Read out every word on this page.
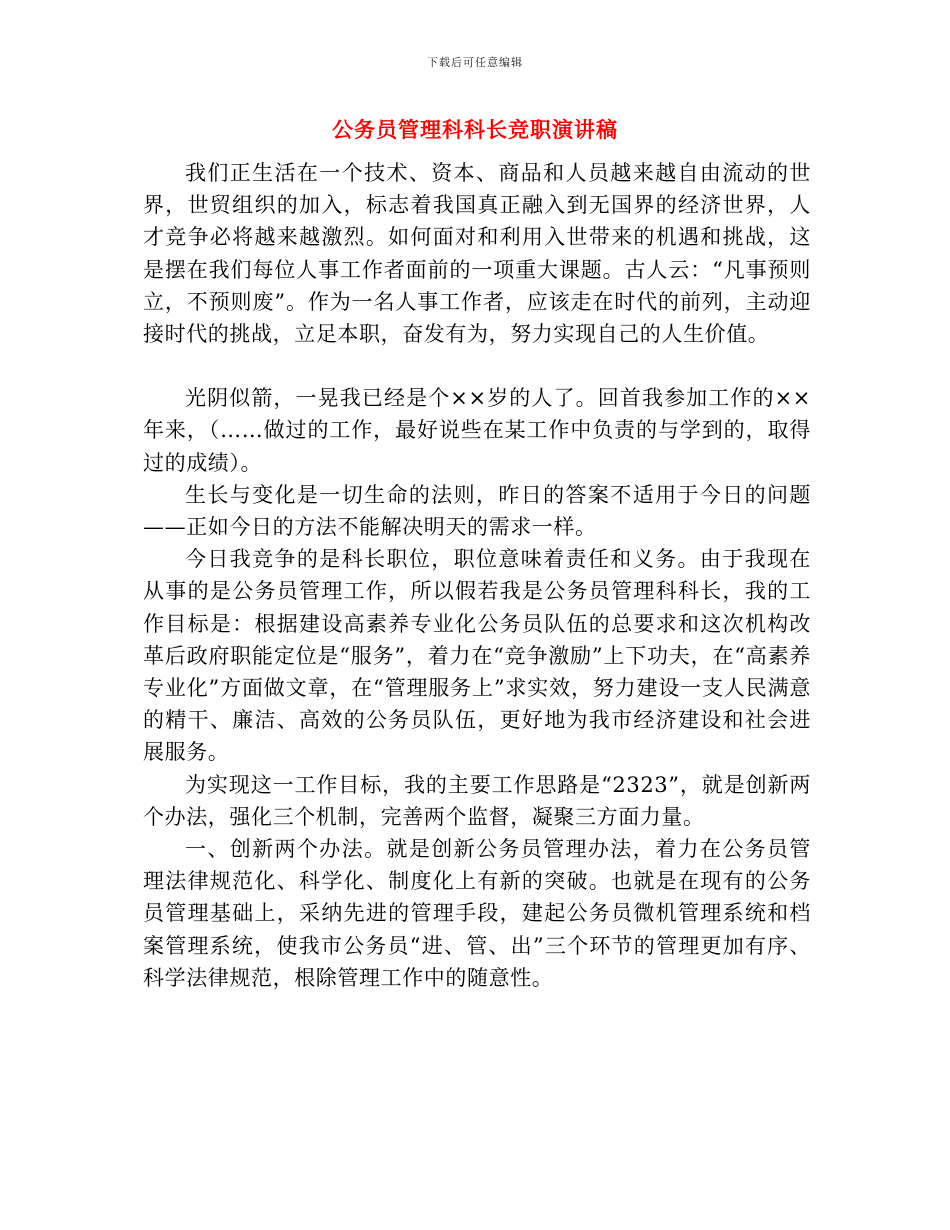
下载后可任意编辑
公务员管理科科长竞职演讲稿

我们正生活在一个技术、资本、商品和人员越来越自由流动的世界，世贸组织的加入，标志着我国真正融入到无国界的经济世界，人才竞争必将越来越激烈。如何面对和利用入世带来的机遇和挑战，这是摆在我们每位人事工作者面前的一项重大课题。古人云：“凡事预则立，不预则废”。作为一名人事工作者，应该走在时代的前列，主动迎接时代的挑战，立足本职，奋发有为，努力实现自己的人生价值。

光阴似箭，一晃我已经是个××岁的人了。回首我参加工作的××年来，（……做过的工作，最好说些在某工作中负责的与学到的，取得过的成绩）。

生长与变化是一切生命的法则，昨日的答案不适用于今日的问题——正如今日的方法不能解决明天的需求一样。

今日我竞争的是科长职位，职位意味着责任和义务。由于我现在从事的是公务员管理工作，所以假若我是公务员管理科科长，我的工作目标是：根据建设高素养专业化公务员队伍的总要求和这次机构改革后政府职能定位是“服务”，着力在“竞争激励”上下功夫，在“高素养专业化”方面做文章，在“管理服务上”求实效，努力建设一支人民满意的精干、廉洁、高效的公务员队伍，更好地为我市经济建设和社会进展服务。

为实现这一工作目标，我的主要工作思路是“2323”，就是创新两个办法，强化三个机制，完善两个监督，凝聚三方面力量。

一、创新两个办法。就是创新公务员管理办法，着力在公务员管理法律规范化、科学化、制度化上有新的突破。也就是在现有的公务员管理基础上，采纳先进的管理手段，建起公务员微机管理系统和档案管理系统，使我市公务员“进、管、出”三个环节的管理更加有序、科学法律规范，根除管理工作中的随意性。
